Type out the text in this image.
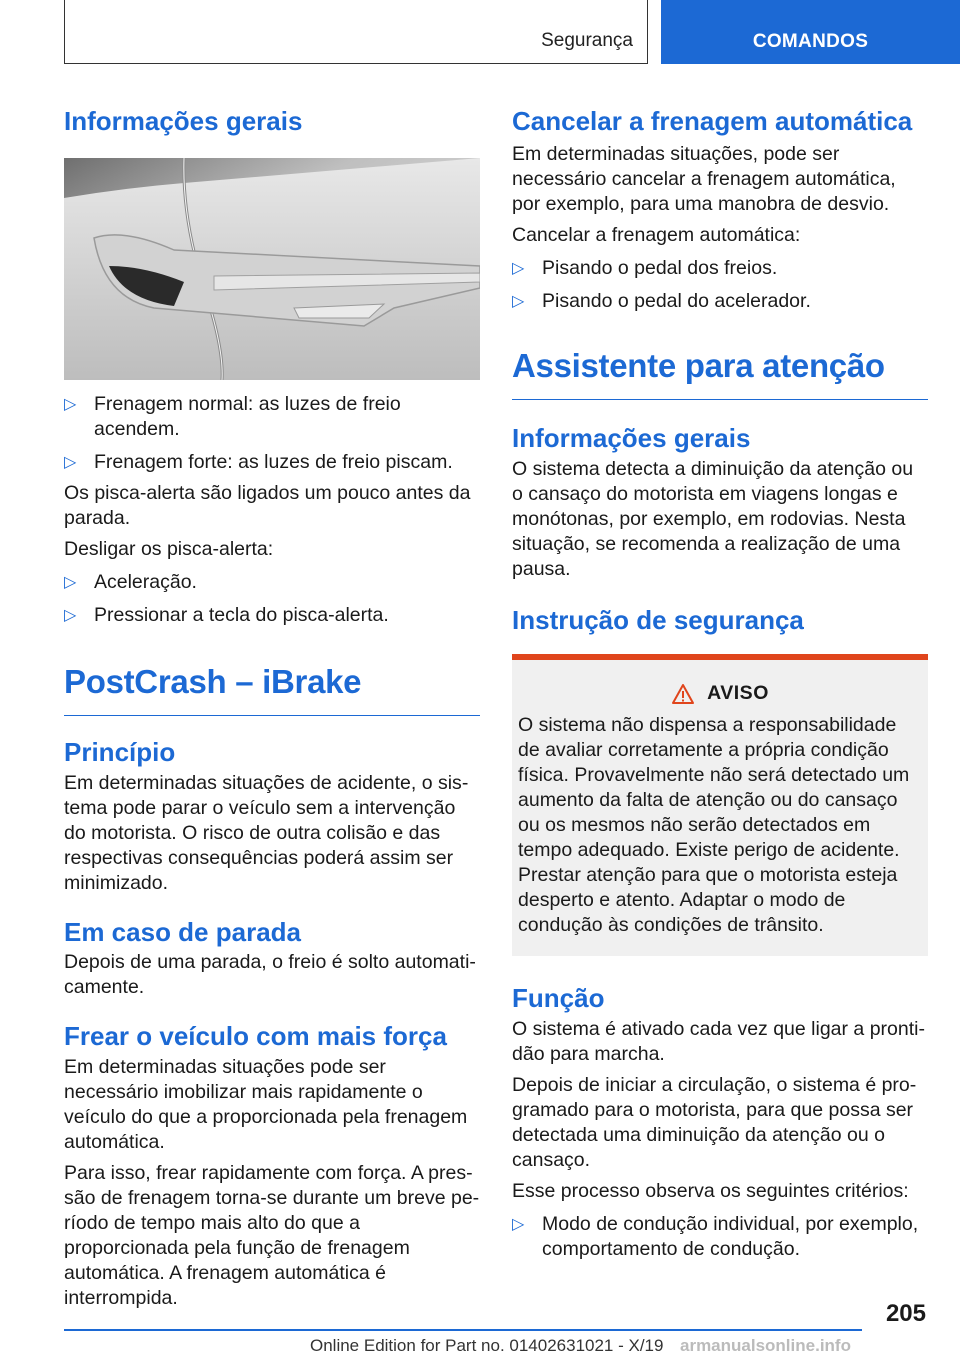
Segurança	COMANDOS
Informações gerais
▷ Frenagem normal: as luzes de freio acendem.
▷ Frenagem forte: as luzes de freio piscam.

Os pisca-alerta são ligados um pouco antes da parada.

Desligar os pisca-alerta:

▷ Aceleração.
▷ Pressionar a tecla do pisca-alerta.
PostCrash – iBrake
Princípio

Em determinadas situações de acidente, o sistema pode parar o veículo sem a intervenção do motorista. O risco de outra colisão e das respectivas consequências poderá assim ser minimizado.

Em caso de parada

Depois de uma parada, o freio é solto automaticamente.

Frear o veículo com mais força

Em determinadas situações pode ser necessário imobilizar mais rapidamente o veículo do que a proporcionada pela frenagem automática.

Para isso, frear rapidamente com força. A pressão de frenagem torna-se durante um breve período de tempo mais alto do que a proporcionada pela função de frenagem automática. A frenagem automática é interrompida.

Cancelar a frenagem automática

Em determinadas situações, pode ser necessário cancelar a frenagem automática, por exemplo, para uma manobra de desvio.

Cancelar a frenagem automática:

▷ Pisando o pedal dos freios.
▷ Pisando o pedal do acelerador.
Assistente para atenção
Informações gerais

O sistema detecta a diminuição da atenção ou o cansaço do motorista em viagens longas e monótonas, por exemplo, em rodovias. Nesta situação, se recomenda a realização de uma pausa.

Instrução de segurança
AVISO

O sistema não dispensa a responsabilidade de avaliar corretamente a própria condição física. Provavelmente não será detectado um aumento da falta de atenção ou do cansaço ou os mesmos não serão detectados em tempo adequado. Existe perigo de acidente. Prestar atenção para que o motorista esteja desperto e atento. Adaptar o modo de condução às condições de trânsito.

Função

O sistema é ativado cada vez que ligar a prontidão para marcha.

Depois de iniciar a circulação, o sistema é programado para o motorista, para que possa ser detectada uma diminuição da atenção ou o cansaço.

Esse processo observa os seguintes critérios:

▷ Modo de condução individual, por exemplo, comportamento de condução.
205
Online Edition for Part no. 01402631021 - X/19 armanualsonline.info
